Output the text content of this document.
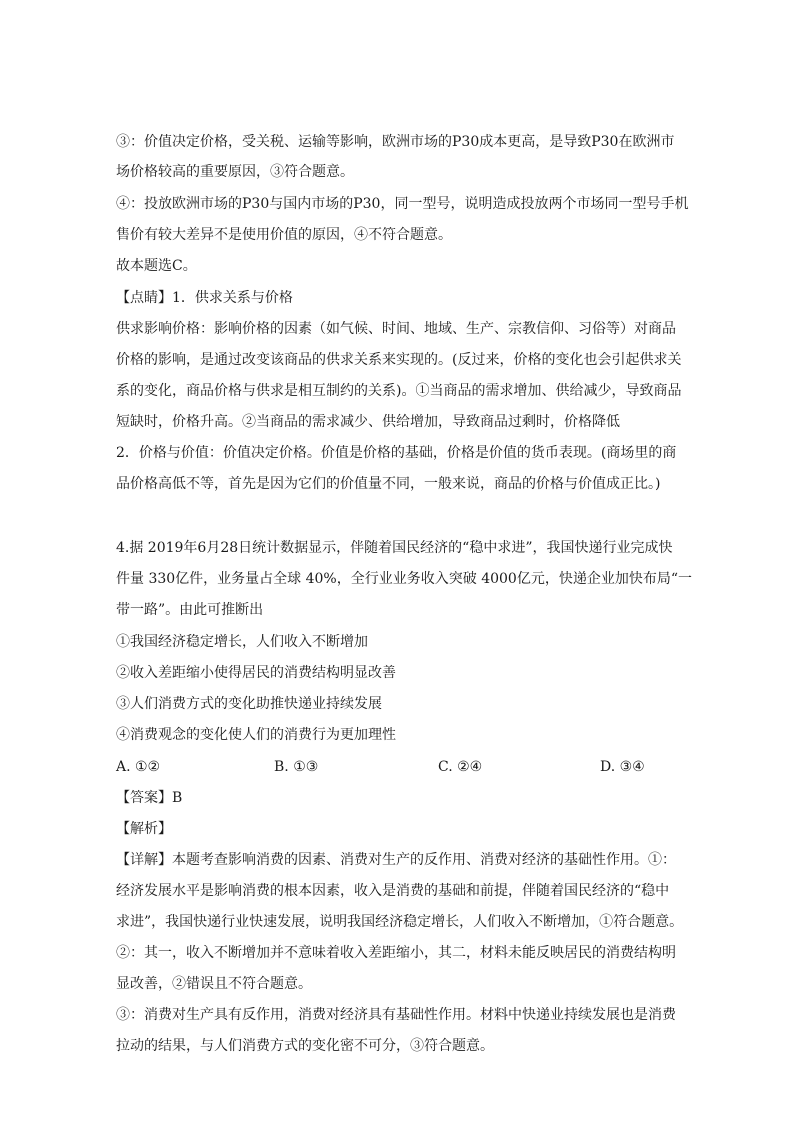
③：价值决定价格，受关税、运输等影响，欧洲市场的P30成本更高，是导致P30在欧洲市
场价格较高的重要原因，③符合题意。
④：投放欧洲市场的P30与国内市场的P30，同一型号，说明造成投放两个市场同一型号手机
售价有较大差异不是使用价值的原因，④不符合题意。
故本题选C。
【点睛】1．供求关系与价格
供求影响价格：影响价格的因素（如气候、时间、地域、生产、宗教信仰、习俗等）对商品
价格的影响，是通过改变该商品的供求关系来实现的。(反过来，价格的变化也会引起供求关
系的变化，商品价格与供求是相互制约的关系)。①当商品的需求增加、供给减少，导致商品
短缺时，价格升高。②当商品的需求减少、供给增加，导致商品过剩时，价格降低
2．价格与价值：价值决定价格。价值是价格的基础，价格是价值的货币表现。(商场里的商
品价格高低不等，首先是因为它们的价值量不同，一般来说，商品的价格与价值成正比。)
4.据 2019年6月28日统计数据显示，伴随着国民经济的“稳中求进”，我国快递行业完成快
件量 330亿件，业务量占全球 40%，全行业业务收入突破 4000亿元，快递企业加快布局“一
带一路”。由此可推断出
①我国经济稳定增长，人们收入不断增加
②收入差距缩小使得居民的消费结构明显改善
③人们消费方式的变化助推快递业持续发展
④消费观念的变化使人们的消费行为更加理性
A. ①②	B. ①③	C. ②④	D. ③④
【答案】B
【解析】
【详解】本题考查影响消费的因素、消费对生产的反作用、消费对经济的基础性作用。①：
经济发展水平是影响消费的根本因素，收入是消费的基础和前提，伴随着国民经济的“稳中
求进”，我国快递行业快速发展，说明我国经济稳定增长，人们收入不断增加，①符合题意。
②：其一，收入不断增加并不意味着收入差距缩小，其二，材料未能反映居民的消费结构明
显改善，②错误且不符合题意。
③：消费对生产具有反作用，消费对经济具有基础性作用。材料中快递业持续发展也是消费
拉动的结果，与人们消费方式的变化密不可分，③符合题意。
